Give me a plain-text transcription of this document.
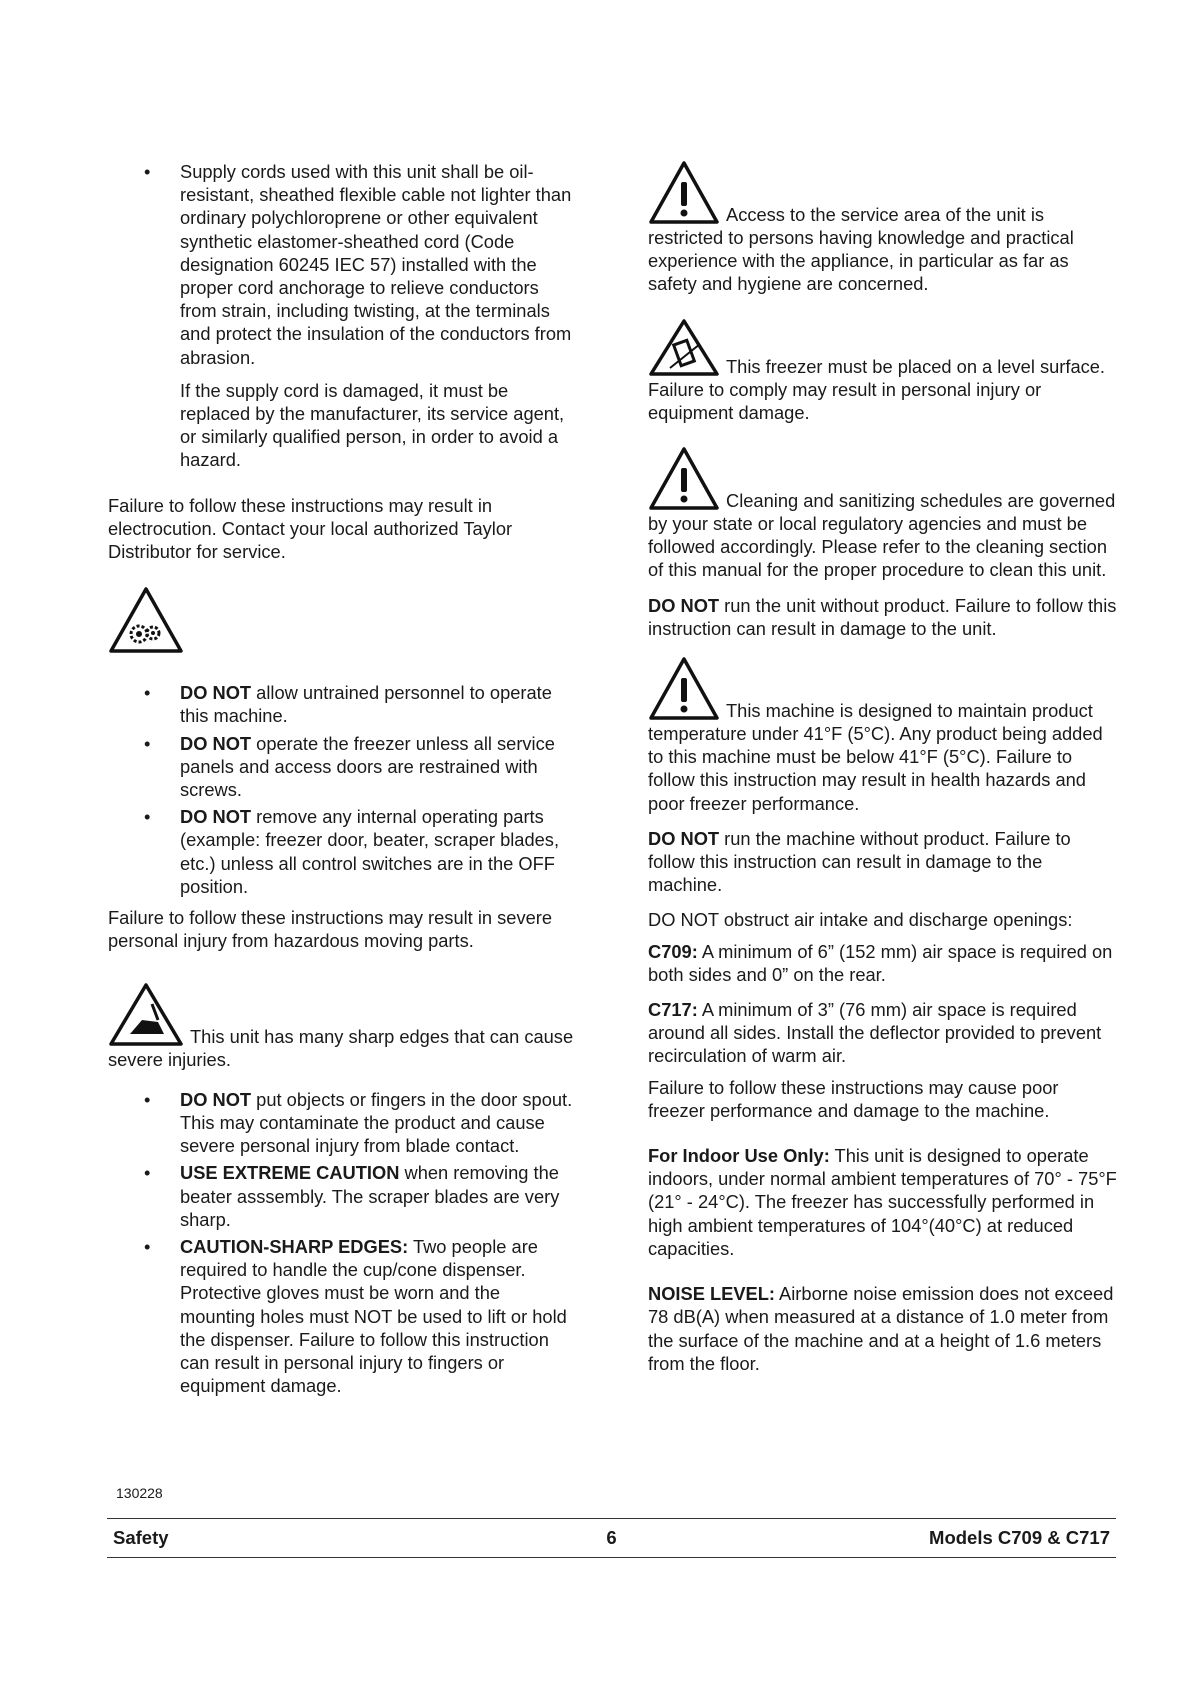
• Supply cords used with this unit shall be oil-resistant, sheathed flexible cable not lighter than ordinary polychloroprene or other equivalent synthetic elastomer-sheathed cord (Code designation 60245 IEC 57) installed with the proper cord anchorage to relieve conductors from strain, including twisting, at the terminals and protect the insulation of the conductors from abrasion.

If the supply cord is damaged, it must be replaced by the manufacturer, its service agent, or similarly qualified person, in order to avoid a hazard.

Failure to follow these instructions may result in electrocution. Contact your local authorized Taylor Distributor for service.

• DO NOT allow untrained personnel to operate this machine.
• DO NOT operate the freezer unless all service panels and access doors are restrained with screws.
• DO NOT remove any internal operating parts (example: freezer door, beater, scraper blades, etc.) unless all control switches are in the OFF position.

Failure to follow these instructions may result in severe personal injury from hazardous moving parts.

This unit has many sharp edges that can cause severe injuries.

• DO NOT put objects or fingers in the door spout. This may contaminate the product and cause severe personal injury from blade contact.
• USE EXTREME CAUTION when removing the beater asssembly. The scraper blades are very sharp.
• CAUTION-SHARP EDGES: Two people are required to handle the cup/cone dispenser. Protective gloves must be worn and the mounting holes must NOT be used to lift or hold the dispenser. Failure to follow this instruction can result in personal injury to fingers or equipment damage.

Access to the service area of the unit is restricted to persons having knowledge and practical experience with the appliance, in particular as far as safety and hygiene are concerned.

This freezer must be placed on a level surface. Failure to comply may result in personal injury or equipment damage.

Cleaning and sanitizing schedules are governed by your state or local regulatory agencies and must be followed accordingly. Please refer to the cleaning section of this manual for the proper procedure to clean this unit.

DO NOT run the unit without product. Failure to follow this instruction can result in damage to the unit.

This machine is designed to maintain product temperature under 41°F (5°C). Any product being added to this machine must be below 41°F (5°C). Failure to follow this instruction may result in health hazards and poor freezer performance.

DO NOT run the machine without product. Failure to follow this instruction can result in damage to the machine.

DO NOT obstruct air intake and discharge openings:

C709: A minimum of 6” (152 mm) air space is required on both sides and 0” on the rear.

C717: A minimum of 3” (76 mm) air space is required around all sides. Install the deflector provided to prevent recirculation of warm air.

Failure to follow these instructions may cause poor freezer performance and damage to the machine.

For Indoor Use Only: This unit is designed to operate indoors, under normal ambient temperatures of 70° - 75°F (21° - 24°C). The freezer has successfully performed in high ambient temperatures of 104°(40°C) at reduced capacities.

NOISE LEVEL: Airborne noise emission does not exceed 78 dB(A) when measured at a distance of 1.0 meter from the surface of the machine and at a height of 1.6 meters from the floor.

130228
Safety	6	Models C709 & C717
